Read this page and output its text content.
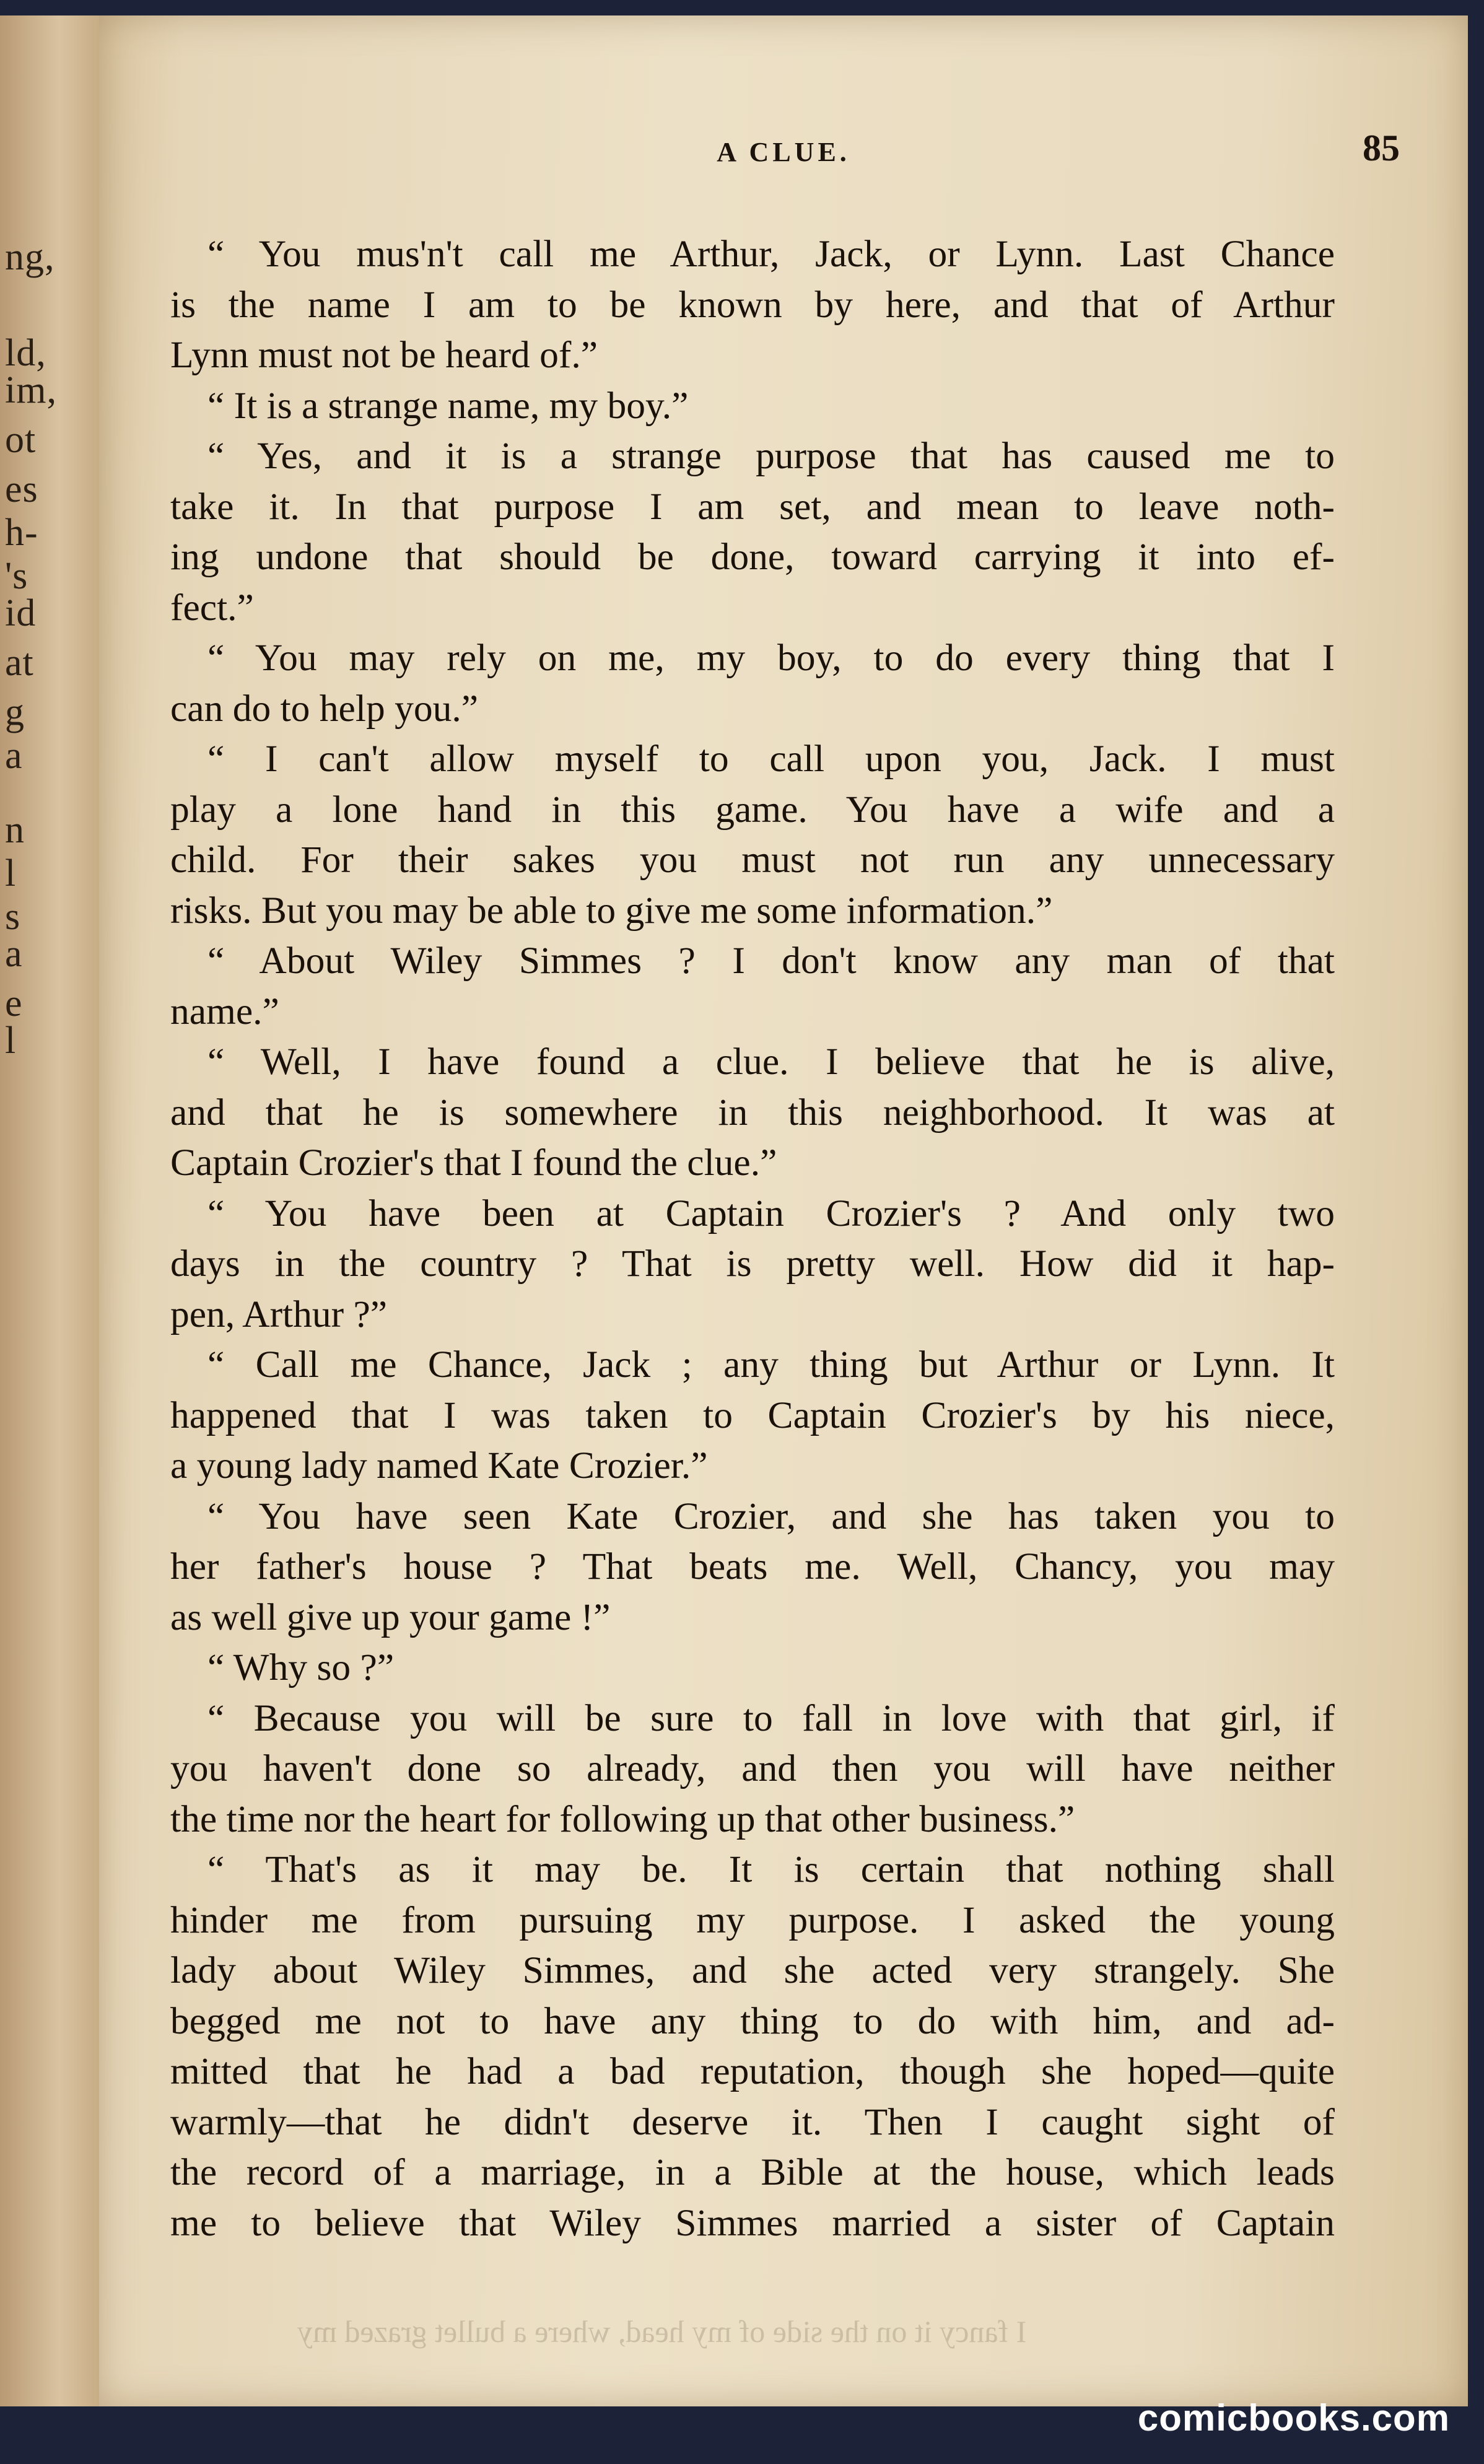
ng,
ld,
im,
ot
es
h-
's
id
at
g
a
n
l
s
a
e
l
A CLUE.	85
“ You mus'n't call me Arthur, Jack, or Lynn. Last Chance
is the name I am to be known by here, and that of Arthur
Lynn must not be heard of.”
“ It is a strange name, my boy.”
“ Yes, and it is a strange purpose that has caused me to
take it. In that purpose I am set, and mean to leave noth-
ing undone that should be done, toward carrying it into ef-
fect.”
“ You may rely on me, my boy, to do every thing that I
can do to help you.”
“ I can't allow myself to call upon you, Jack. I must
play a lone hand in this game. You have a wife and a
child. For their sakes you must not run any unnecessary
risks. But you may be able to give me some information.”
“ About Wiley Simmes ? I don't know any man of that
name.”
“ Well, I have found a clue. I believe that he is alive,
and that he is somewhere in this neighborhood. It was at
Captain Crozier's that I found the clue.”
“ You have been at Captain Crozier's ? And only two
days in the country ? That is pretty well. How did it hap-
pen, Arthur ?”
“ Call me Chance, Jack ; any thing but Arthur or Lynn. It
happened that I was taken to Captain Crozier's by his niece,
a young lady named Kate Crozier.”
“ You have seen Kate Crozier, and she has taken you to
her father's house ? That beats me. Well, Chancy, you may
as well give up your game !”
“ Why so ?”
“ Because you will be sure to fall in love with that girl, if
you haven't done so already, and then you will have neither
the time nor the heart for following up that other business.”
“ That's as it may be. It is certain that nothing shall
hinder me from pursuing my purpose. I asked the young
lady about Wiley Simmes, and she acted very strangely. She
begged me not to have any thing to do with him, and ad-
mitted that he had a bad reputation, though she hoped—quite
warmly—that he didn't deserve it. Then I caught sight of
the record of a marriage, in a Bible at the house, which leads
me to believe that Wiley Simmes married a sister of Captain
I fancy it on the side of my head, where a bullet grazed my
comicbooks.com
